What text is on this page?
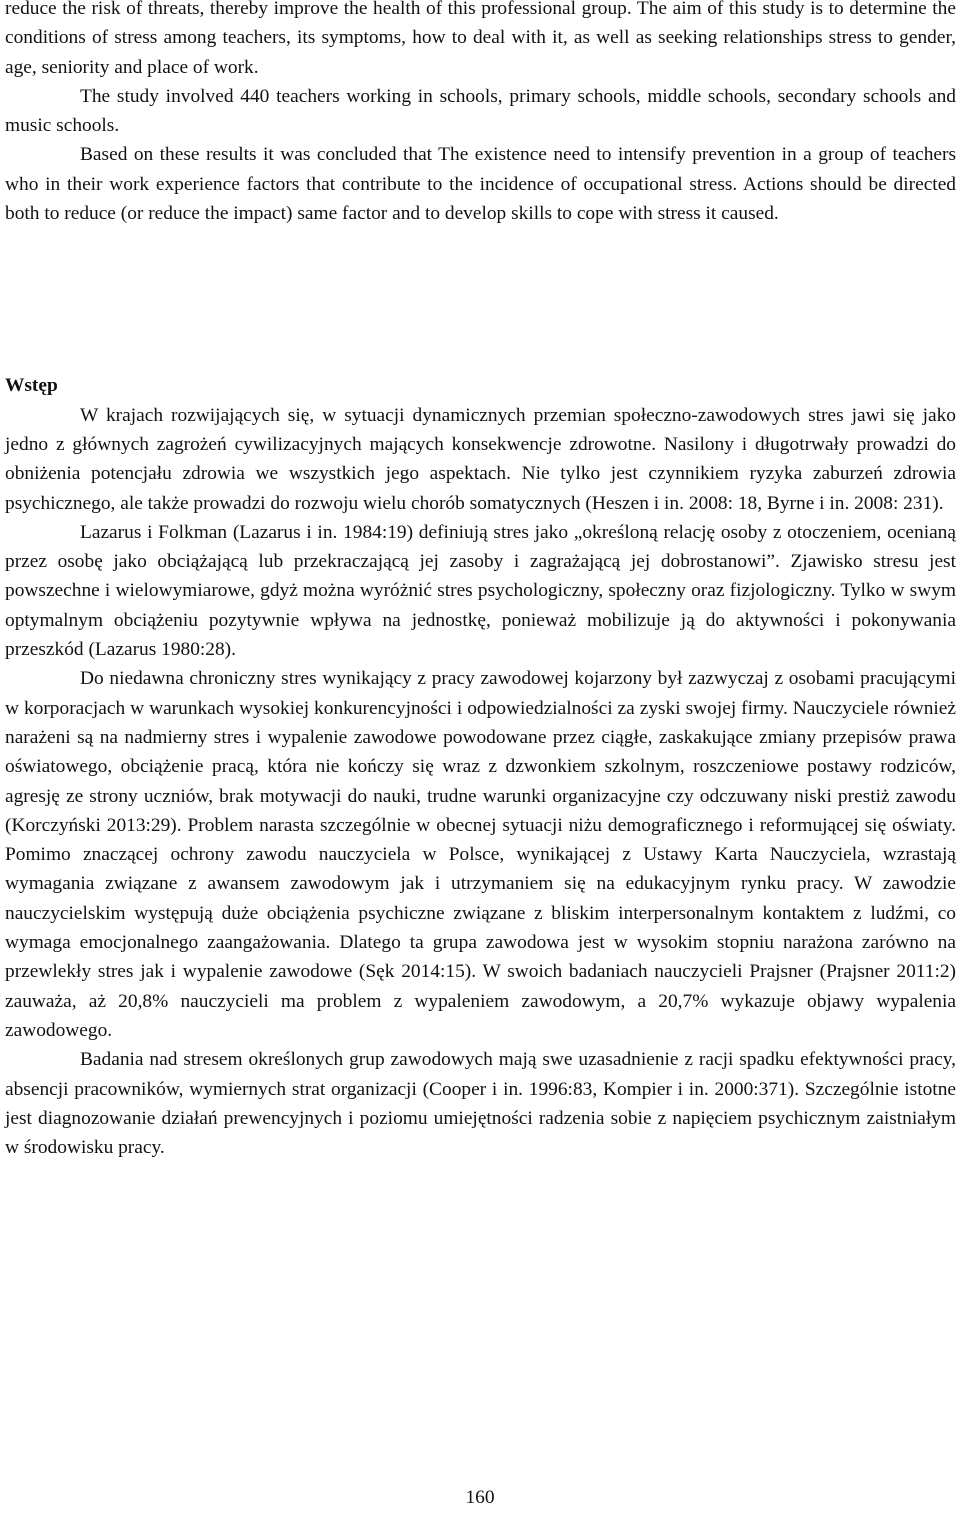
reduce the risk of threats, thereby improve the health of this professional group. The aim of this study is to determine the conditions of stress among teachers, its symptoms, how to deal with it, as well as seeking relationships stress to gender, age, seniority and place of work.

The study involved 440 teachers working in schools, primary schools, middle schools, secondary schools and music schools.

Based on these results it was concluded that The existence need to intensify prevention in a group of teachers who in their work experience factors that contribute to the incidence of occupational stress. Actions should be directed both to reduce (or reduce the impact) same factor and to develop skills to cope with stress it caused.

Wstęp

W krajach rozwijających się, w sytuacji dynamicznych przemian społeczno-zawodowych stres jawi się jako jedno z głównych zagrożeń cywilizacyjnych mających konsekwencje zdrowotne. Nasilony i długotrwały prowadzi do obniżenia potencjału zdrowia we wszystkich jego aspektach. Nie tylko jest czynnikiem ryzyka zaburzeń zdrowia psychicznego, ale także prowadzi do rozwoju wielu chorób somatycznych (Heszen i in. 2008: 18, Byrne i in. 2008: 231).

Lazarus i Folkman (Lazarus i in. 1984:19) definiują stres jako „określoną relację osoby z otoczeniem, ocenianą przez osobę jako obciążającą lub przekraczającą jej zasoby i zagrażającą jej dobrostanowi”. Zjawisko stresu jest powszechne i wielowymiarowe, gdyż można wyróżnić stres psychologiczny, społeczny oraz fizjologiczny. Tylko w swym optymalnym obciążeniu pozytywnie wpływa na jednostkę, ponieważ mobilizuje ją do aktywności i pokonywania przeszkód (Lazarus 1980:28).

Do niedawna chroniczny stres wynikający z pracy zawodowej kojarzony był zazwyczaj z osobami pracującymi w korporacjach w warunkach wysokiej konkurencyjności i odpowiedzialności za zyski swojej firmy. Nauczyciele również narażeni są na nadmierny stres i wypalenie zawodowe powodowane przez ciągłe, zaskakujące zmiany przepisów prawa oświatowego, obciążenie pracą, która nie kończy się wraz z dzwonkiem szkolnym, roszczeniowe postawy rodziców, agresję ze strony uczniów, brak motywacji do nauki, trudne warunki organizacyjne czy odczuwany niski prestiż zawodu (Korczyński 2013:29). Problem narasta szczególnie w obecnej sytuacji niżu demograficznego i reformującej się oświaty. Pomimo znaczącej ochrony zawodu nauczyciela w Polsce, wynikającej z Ustawy Karta Nauczyciela, wzrastają wymagania związane z awansem zawodowym jak i utrzymaniem się na edukacyjnym rynku pracy. W zawodzie nauczycielskim występują duże obciążenia psychiczne związane z bliskim interpersonalnym kontaktem z ludźmi, co wymaga emocjonalnego zaangażowania. Dlatego ta grupa zawodowa jest w wysokim stopniu narażona zarówno na przewlekły stres jak i wypalenie zawodowe (Sęk 2014:15). W swoich badaniach nauczycieli Prajsner (Prajsner 2011:2) zauważa, aż 20,8% nauczycieli ma problem z wypaleniem zawodowym, a 20,7% wykazuje objawy wypalenia zawodowego.

Badania nad stresem określonych grup zawodowych mają swe uzasadnienie z racji spadku efektywności pracy, absencji pracowników, wymiernych strat organizacji (Cooper i in. 1996:83, Kompier i in. 2000:371). Szczególnie istotne jest diagnozowanie działań prewencyjnych i poziomu umiejętności radzenia sobie z napięciem psychicznym zaistniałym w środowisku pracy.

160
